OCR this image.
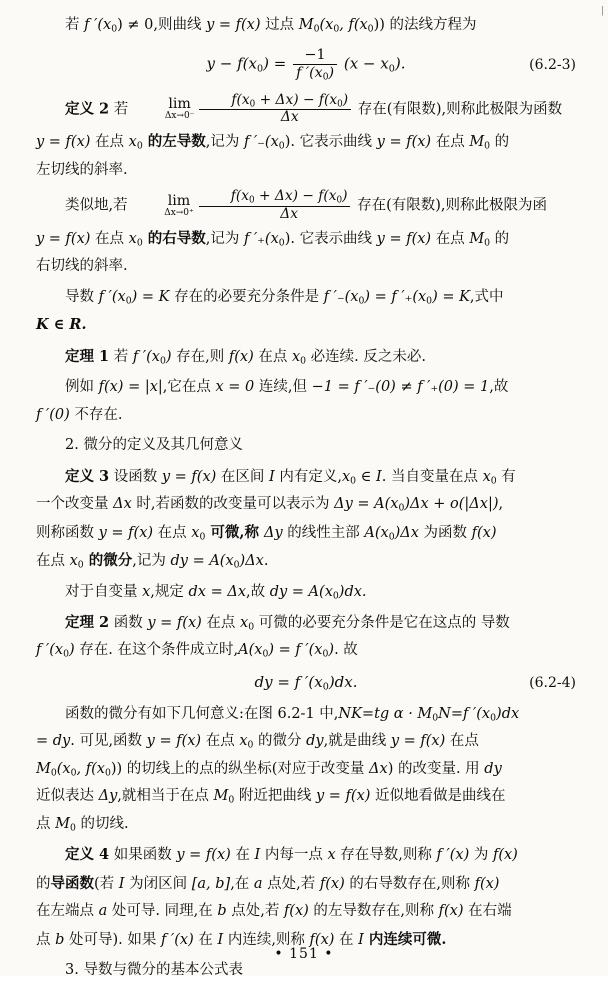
|

若 f $'(x_0) \ne 0$,则曲线 y = f(x) 过点 $M_0(x_0$, $f(x_0)$) 的法线方程为

$y - f(x_0) = \frac{-1}{f '(x_0)} (x - x_0)$.	(6.2-3)

定义 2 若	lim
$\Delta x\to 0^- \frac{f(x_0 + \Delta x) - f(x_0)}{\Delta x}$ 存在(有限数),则称此极限为函数

y = f(x) 在点 $x_0$ 的左导数,记为 f $'_-(x_0)$. 它表示曲线 y = f(x) 在点 $M_0$ 的

左切线的斜率.

类似地,若	lim
$\Delta x\to 0^+ \frac{f(x_0 + \Delta x) - f(x_0)}{\Delta x}$ 存在(有限数),则称此极限为函

y = f(x) 在点 $x_0$ 的右导数,记为 f $'_+(x_0)$. 它表示曲线 y = f(x) 在点 $M_0$ 的

右切线的斜率.

导数 f $'(x_0) = K$ 存在的必要充分条件是 f $'_-(x_0) = f$ $'_+(x_0) = K$,式中

K ∈ R.

定理 1 若 f $'(x_0)$ 存在,则 f(x) 在点 $x_0$ 必连续. 反之未必.

例如 f(x) = |x|,它在点 x = 0 连续,但 −1 = f ′₋(0) ≠ f ′₊(0) = 1,故

f ′(0) 不存在.

2. 微分的定义及其几何意义

定义 3 设函数 y = f(x) 在区间 I 内有定义$,x_0$ ∈ I. 当自变量在点 $x_0$ 有

一个改变量 Δx 时,若函数的改变量可以表示为 $\Delta y = A(x_0)\Delta x + o(|\Delta x|)$,

则称函数 y = f(x) 在点 $x_0$ 可微,称 Δy 的线性主部 $A(x_0)\Delta x$ 为函数 f(x)

在点 $x_0$ 的微分,记为 dy = $A(x_0)\Delta x$.

对于自变量 x,规定 dx = Δx,故 dy = $A(x_0)dx$.

定理 2 函数 y = f(x) 在点 $x_0$ 可微的必要充分条件是它在这点的 导数

f $'(x_0)$ 存在. 在这个条件成立时$,A(x_0) = f$ $'(x_0)$. 故

dy = f $'(x_0)dx$.	(6.2-4)

函数的微分有如下几何意义:在图 6.2-1 中,NK=tg $\alpha \cdot M_0N=f$ $'(x_0)dx$

= dy. 可见,函数 y = f(x) 在点 $x_0$ 的微分 dy,就是曲线 y = f(x) 在点

$M_0(x_0$, $f(x_0)$) 的切线上的点的纵坐标(对应于改变量 Δx) 的改变量. 用 dy

近似表达 Δy,就相当于在点 $M_0$ 附近把曲线 y = f(x) 近似地看做是曲线在

点 $M_0$ 的切线.

定义 4 如果函数 y = f(x) 在 I 内每一点 x 存在导数,则称 f ′(x) 为 f(x)

的导函数(若 I 为闭区间 [a, b],在 a 点处,若 f(x) 的右导数存在,则称 f(x)

在左端点 a 处可导. 同理,在 b 点处,若 f(x) 的左导数存在,则称 f(x) 在右端

点 b 处可导). 如果 f ′(x) 在 I 内连续,则称 f(x) 在 I 内连续可微.

3. 导数与微分的基本公式表

• 151 •
